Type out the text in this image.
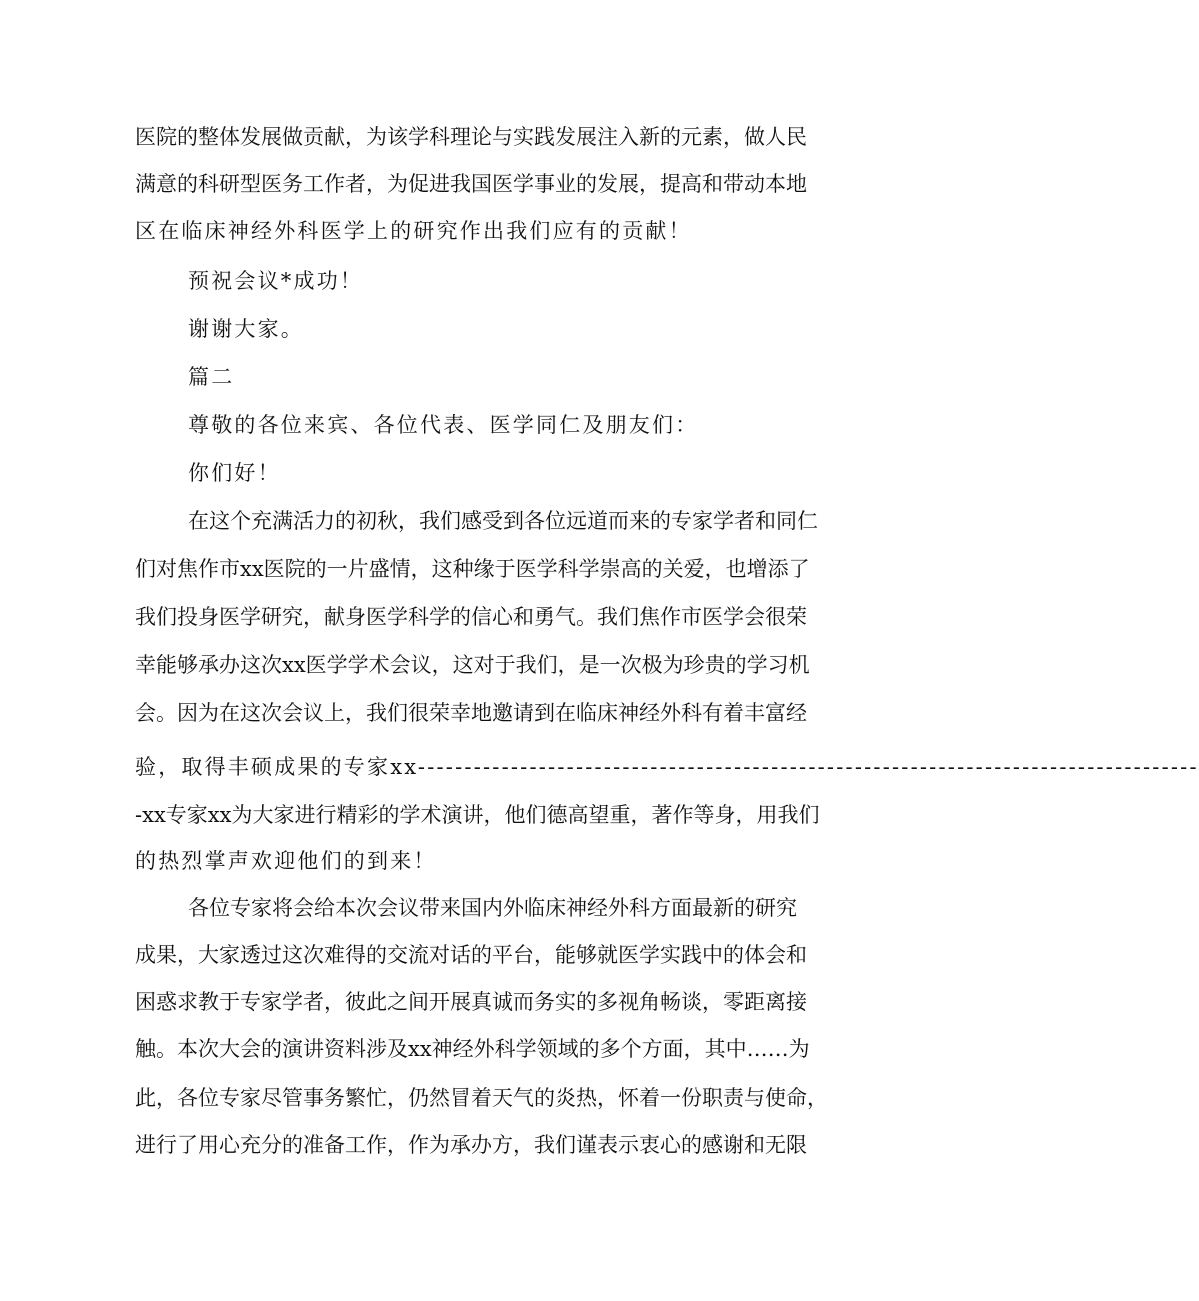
医院的整体发展做贡献，为该学科理论与实践发展注入新的元素，做人民
满意的科研型医务工作者，为促进我国医学事业的发展，提高和带动本地
区在临床神经外科医学上的研究作出我们应有的贡献！
预祝会议*成功！
谢谢大家。
篇二
尊敬的各位来宾、各位代表、医学同仁及朋友们：
你们好！
在这个充满活力的初秋，我们感受到各位远道而来的专家学者和同仁
们对焦作市xx医院的一片盛情，这种缘于医学科学崇高的关爱，也增添了
我们投身医学研究，献身医学科学的信心和勇气。我们焦作市医学会很荣
幸能够承办这次xx医学学术会议，这对于我们，是一次极为珍贵的学习机
会。因为在这次会议上，我们很荣幸地邀请到在临床神经外科有着丰富经
验，取得丰硕成果的专家xx------------------------------------------------------------------------------------
-xx专家xx为大家进行精彩的学术演讲，他们德高望重，著作等身，用我们
的热烈掌声欢迎他们的到来！
各位专家将会给本次会议带来国内外临床神经外科方面最新的研究
成果，大家透过这次难得的交流对话的平台，能够就医学实践中的体会和
困惑求教于专家学者，彼此之间开展真诚而务实的多视角畅谈，零距离接
触。本次大会的演讲资料涉及xx神经外科学领域的多个方面，其中……为
此，各位专家尽管事务繁忙，仍然冒着天气的炎热，怀着一份职责与使命，
进行了用心充分的准备工作，作为承办方，我们谨表示衷心的感谢和无限
